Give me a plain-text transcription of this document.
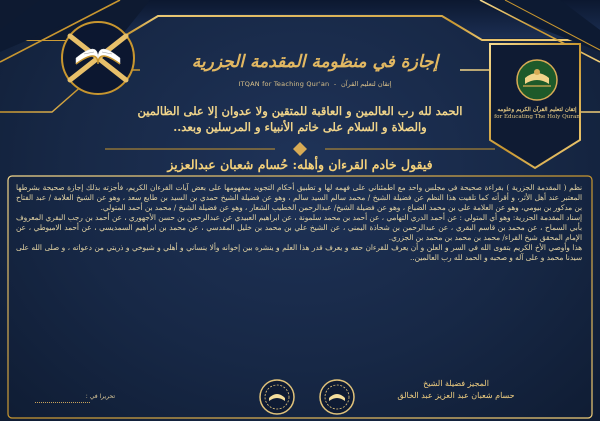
إجازة في منظومة المقدمة الجزرية
ITQAN for Teaching Qur'an  -  إتقان لتعليم القرآن
إتقان لتعليم القرآن الكريم وعلومه
for Educating The Holy Quran
الحمد لله رب العالمين و العاقبة للمتقين ولا عدوان إلا على الظالمين
والصلاة و السلام على خاتم الأنبياء و المرسلين وبعد..
فيقول خادم القرءان وأهله: حُسام شعبان عبدالعزيز

نظم ( المقدمة الجزرية ) بقراءة صحيحة في مجلس واحد مع اطمئناني على فهمه لها و تطبيق أحكام التجويد بمفهومها على بعض آيات القرءان الكريم، فأجزته بذلك إجازة صحيحة بشرطها المعتبر عند أهل الأثر، و أقرأته كما تلقيت هذا النظم عن فضيلة الشيخ / محمد سالم السيد سالم ، وهو عن فضيلة الشيخ حمدي بن السيد بن طايع سعد ، وهو عن الشيخ العلامة / عبد الفتاح بن مدكور بن بيومي، وهو عن العلامة علي بن محمد الضباع ، وهو عن فضيلة الشيخ/ عبدالرحمن الخطيب الشعار ، وهو عن فضيلة الشيخ / محمد بن أحمد المتولي.

إسناد المقدمة الجزرية: وهو أي المتولي : عن أحمد الدري التهامي ، عن أحمد بن محمد سلمونة ، عن ابراهيم العبيدي عن عبدالرحمن بن حسن الأجهوري ، عن أحمد بن رجب البقري المعروف بأبي السماح ، عن محمد بن قاسم البقري ، عن عبدالرحمن بن شحاذة اليمني ، عن الشيخ علي بن محمد بن خليل المقدسي ، عن محمد بن ابراهيم السمديسي ، عن أحمد الاميوطي ، عن الإمام المحقق شيخ القراء/ محمد بن محمد بن محمد بن الجزري.

هذا وأوصي الأخ الكريم بتقوى الله في السر و العلن و أن يعرف للقرءان حقه و يعرف قدر هذا العلم و ينشره بين إخوانه وألا ينساني و أهلي و شيوخي و ذريتي من دعواته ، و صلى الله على سيدنا محمد و على آله و صحبه و الحمد لله رب العالمين..

المجيز فضيلة الشيخ
حسام شعبان عبد العزيز عبد الخالق
تحريرا في :
